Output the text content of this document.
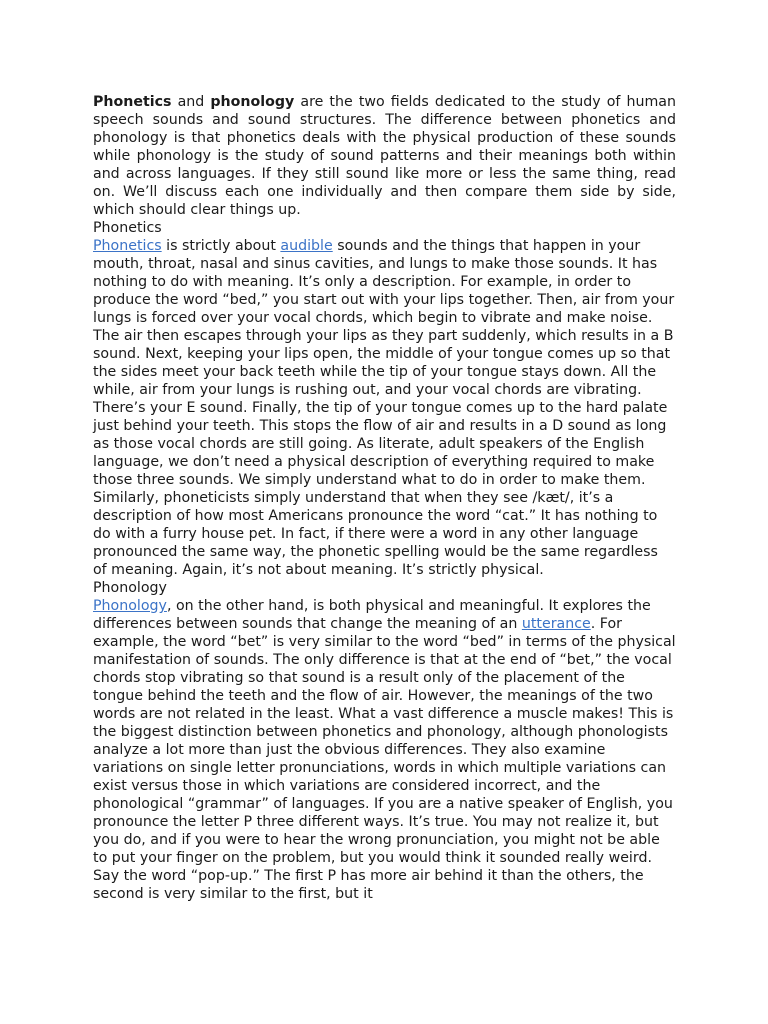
Phonetics and phonology are the two fields dedicated to the study of human speech sounds and sound structures. The difference between phonetics and phonology is that phonetics deals with the physical production of these sounds while phonology is the study of sound patterns and their meanings both within and across languages. If they still sound like more or less the same thing, read on. We’ll discuss each one individually and then compare them side by side, which should clear things up.

Phonetics

Phonetics is strictly about audible sounds and the things that happen in your mouth, throat, nasal and sinus cavities, and lungs to make those sounds. It has nothing to do with meaning. It’s only a description. For example, in order to produce the word “bed,” you start out with your lips together. Then, air from your lungs is forced over your vocal chords, which begin to vibrate and make noise. The air then escapes through your lips as they part suddenly, which results in a B sound. Next, keeping your lips open, the middle of your tongue comes up so that the sides meet your back teeth while the tip of your tongue stays down. All the while, air from your lungs is rushing out, and your vocal chords are vibrating. There’s your E sound. Finally, the tip of your tongue comes up to the hard palate just behind your teeth. This stops the flow of air and results in a D sound as long as those vocal chords are still going. As literate, adult speakers of the English language, we don’t need a physical description of everything required to make those three sounds. We simply understand what to do in order to make them. Similarly, phoneticists simply understand that when they see /kæt/, it’s a description of how most Americans pronounce the word “cat.” It has nothing to do with a furry house pet. In fact, if there were a word in any other language pronounced the same way, the phonetic spelling would be the same regardless of meaning. Again, it’s not about meaning. It’s strictly physical.

Phonology

Phonology, on the other hand, is both physical and meaningful. It explores the differences between sounds that change the meaning of an utterance. For example, the word “bet” is very similar to the word “bed” in terms of the physical manifestation of sounds. The only difference is that at the end of “bet,” the vocal chords stop vibrating so that sound is a result only of the placement of the tongue behind the teeth and the flow of air. However, the meanings of the two words are not related in the least. What a vast difference a muscle makes! This is the biggest distinction between phonetics and phonology, although phonologists analyze a lot more than just the obvious differences. They also examine variations on single letter pronunciations, words in which multiple variations can exist versus those in which variations are considered incorrect, and the phonological “grammar” of languages. If you are a native speaker of English, you pronounce the letter P three different ways. It’s true. You may not realize it, but you do, and if you were to hear the wrong pronunciation, you might not be able to put your finger on the problem, but you would think it sounded really weird. Say the word “pop-up.” The first P has more air behind it than the others, the second is very similar to the first, but it
